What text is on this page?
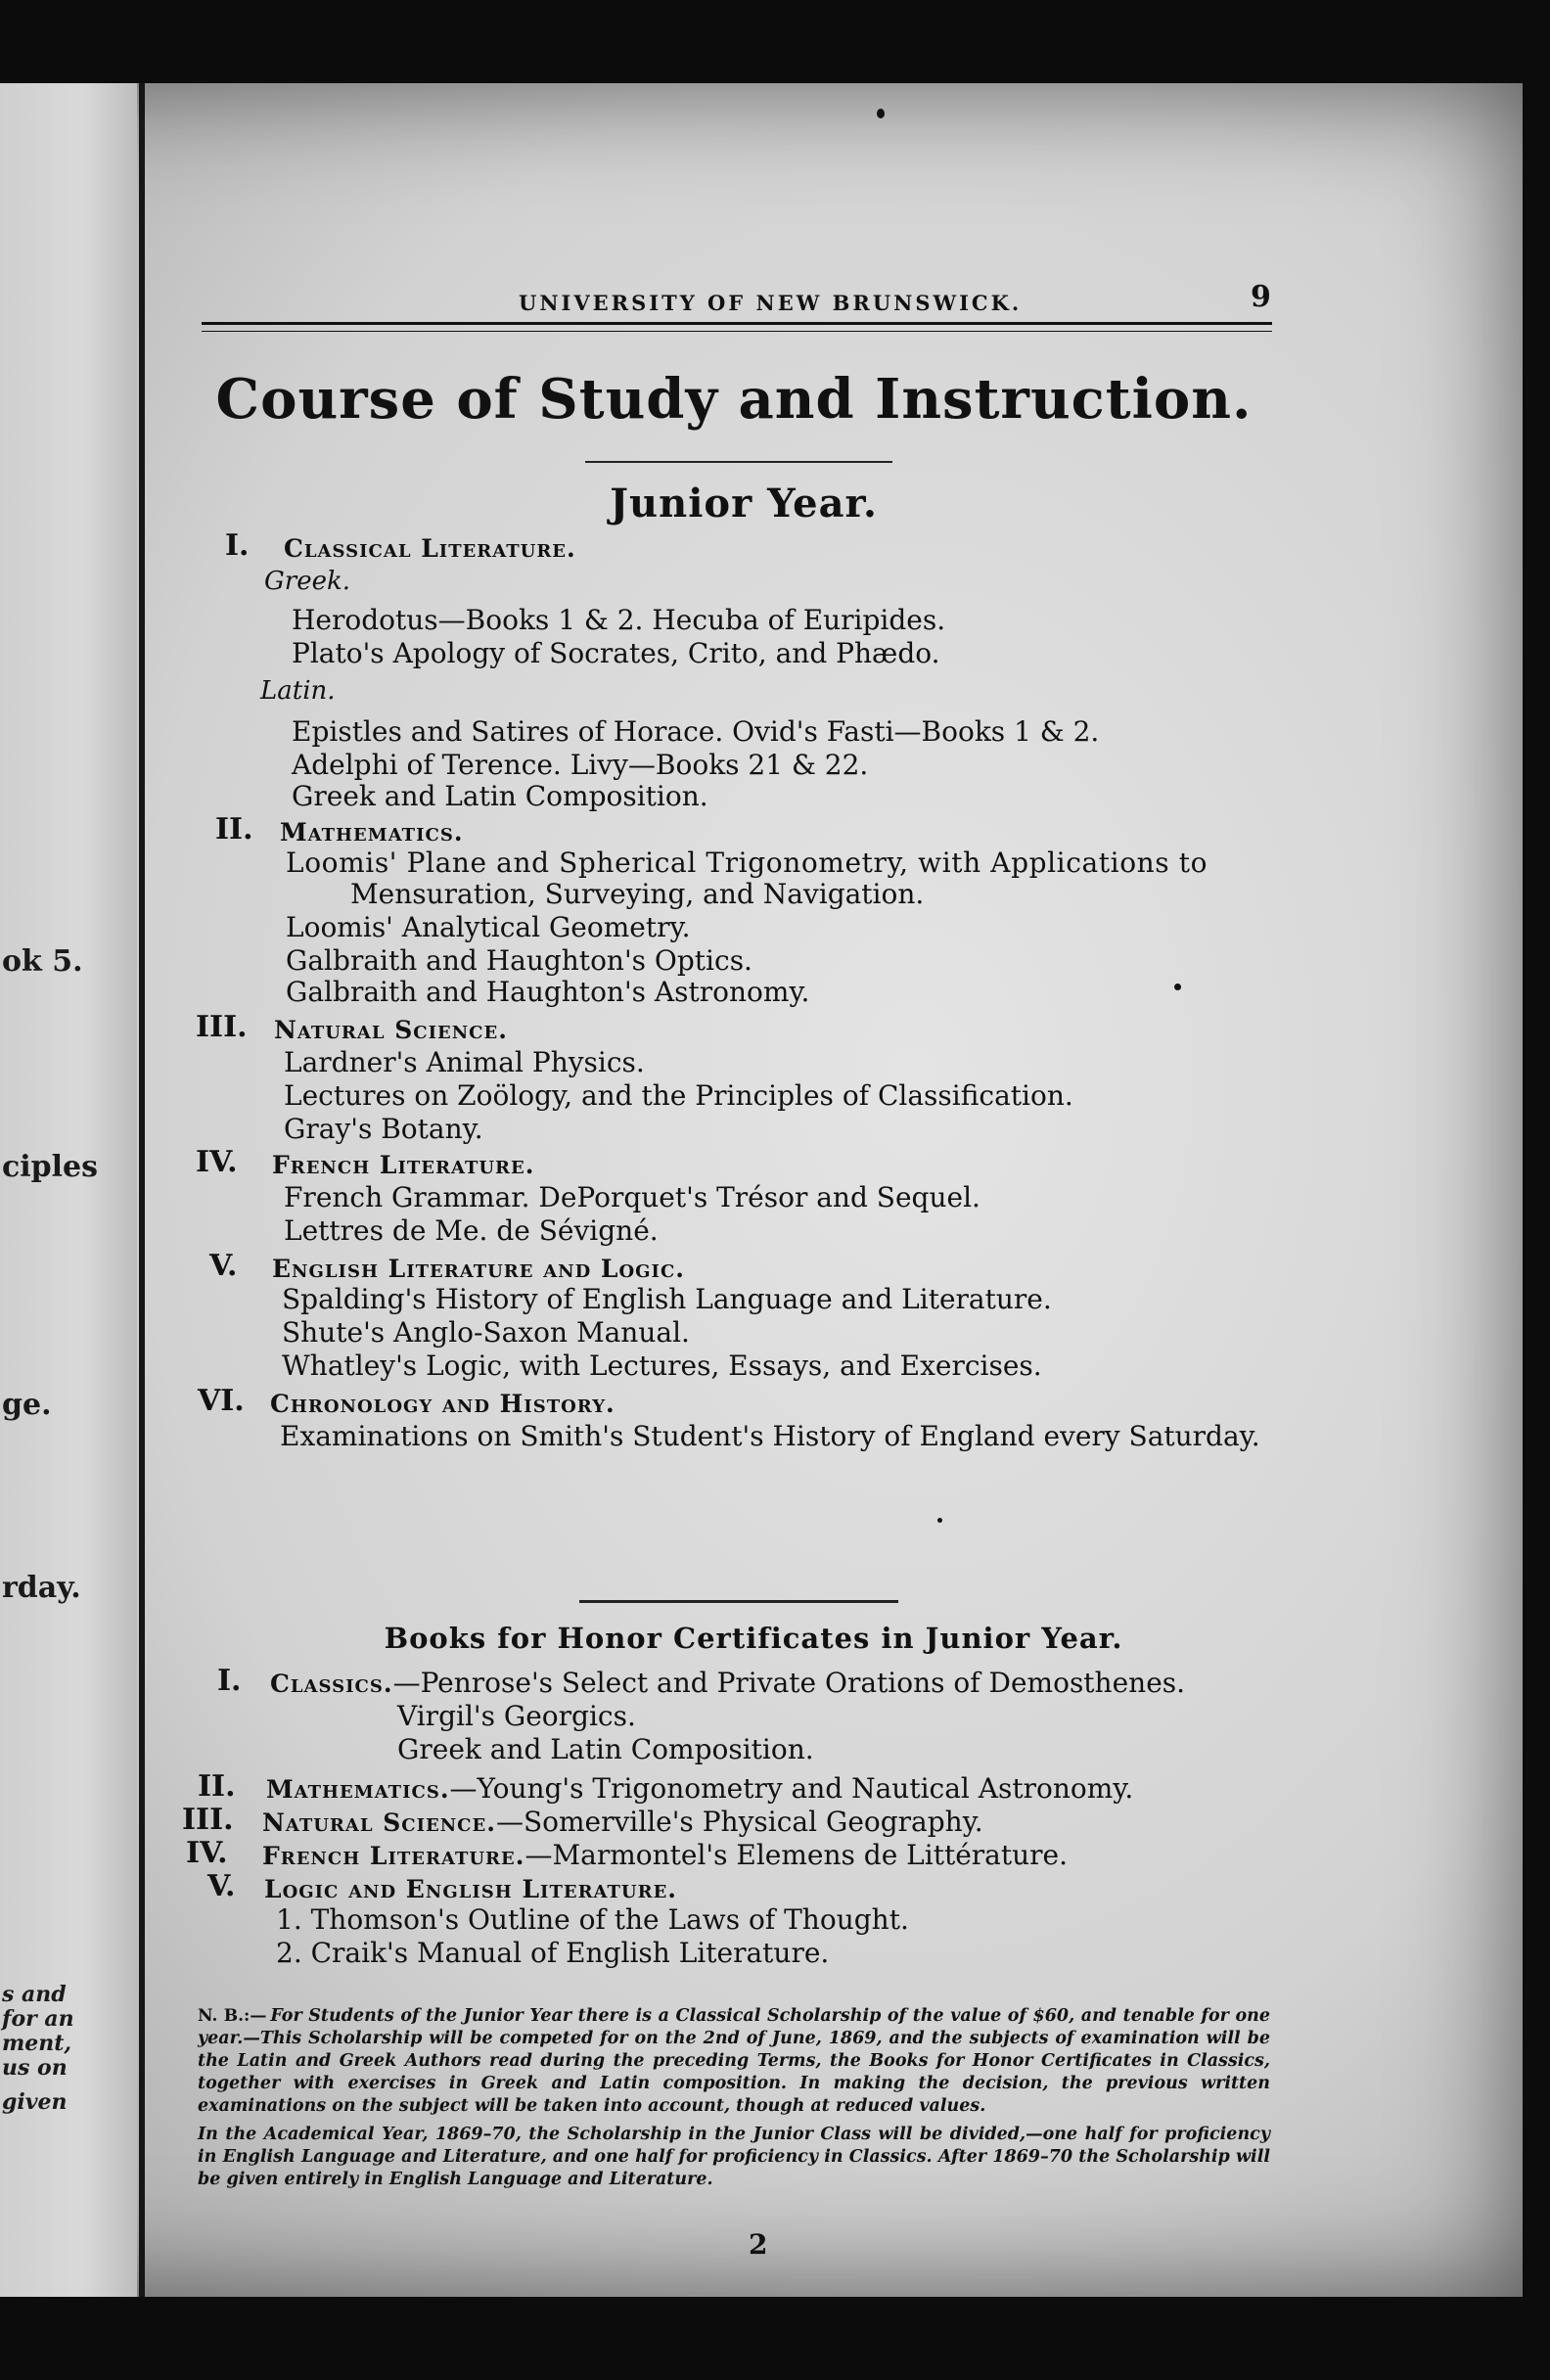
ok 5.
ciples
ge.
rday.
s and
for an
ment,
us on
given
UNIVERSITY OF NEW BRUNSWICK.	9
Course of Study and Instruction.
Junior Year.
I. Classical Literature.
Greek.
Herodotus—Books 1 & 2. Hecuba of Euripides.
Plato's Apology of Socrates, Crito, and Phædo.
Latin.
Epistles and Satires of Horace. Ovid's Fasti—Books 1 & 2.
Adelphi of Terence. Livy—Books 21 & 22.
Greek and Latin Composition.
II. Mathematics.
Loomis' Plane and Spherical Trigonometry, with Applications to
Mensuration, Surveying, and Navigation.
Loomis' Analytical Geometry.
Galbraith and Haughton's Optics.
Galbraith and Haughton's Astronomy.
III. Natural Science.
Lardner's Animal Physics.
Lectures on Zoölogy, and the Principles of Classification.
Gray's Botany.
IV. French Literature.
French Grammar. DePorquet's Trésor and Sequel.
Lettres de Me. de Sévigné.
V. English Literature and Logic.
Spalding's History of English Language and Literature.
Shute's Anglo-Saxon Manual.
Whatley's Logic, with Lectures, Essays, and Exercises.
VI. Chronology and History.
Examinations on Smith's Student's History of England every Saturday.
Books for Honor Certificates in Junior Year.
I. Classics.—Penrose's Select and Private Orations of Demosthenes.
Virgil's Georgics.
Greek and Latin Composition.
II. Mathematics.—Young's Trigonometry and Nautical Astronomy.
III. Natural Science.—Somerville's Physical Geography.
IV. French Literature.—Marmontel's Elemens de Littérature.
V. Logic and English Literature.
1. Thomson's Outline of the Laws of Thought.
2. Craik's Manual of English Literature.

N. B.:— For Students of the Junior Year there is a Classical Scholarship of the value of $60, and tenable for one year.—This Scholarship will be competed for on the 2nd of June, 1869, and the subjects of examination will be the Latin and Greek Authors read during the preceding Terms, the Books for Honor Certificates in Classics, together with exercises in Greek and Latin composition. In making the decision, the previous written examinations on the subject will be taken into account, though at reduced values.

In the Academical Year, 1869–70, the Scholarship in the Junior Class will be divided,—one half for proficiency in English Language and Literature, and one half for proficiency in Classics. After 1869–70 the Scholarship will be given entirely in English Language and Literature.

2
